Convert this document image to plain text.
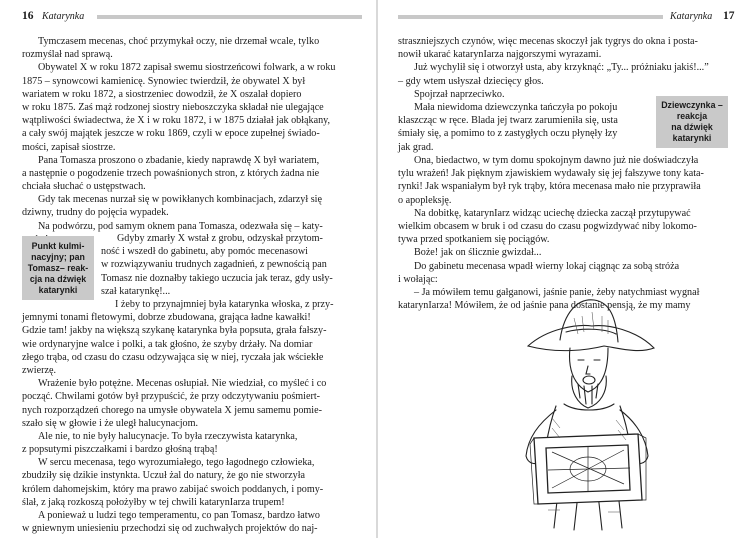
16 Katarynka

Tymczasem mecenas, choć przymykał oczy, nie drzemał wcale, tylko

rozmyślał nad sprawą.

Obywatel X w roku 1872 zapisał swemu siostrzeńcowi folwark, a w roku

1875 – synowcowi kamienicę. Synowiec twierdził, że obywatel X był

wariatem w roku 1872, a siostrzeniec dowodził, że X oszalał dopiero

w roku 1875. Zaś mąż rodzonej siostry nieboszczyka składał nie ulegające

wątpliwości świadectwa, że X i w roku 1872, i w 1875 działał jak obłąkany,

a cały swój majątek jeszcze w roku 1869, czyli w epoce zupełnej świado-

mości, zapisał siostrze.

Pana Tomasza proszono o zbadanie, kiedy naprawdę X był wariatem,

a następnie o pogodzenie trzech powaśnionych stron, z których żadna nie

chciała słuchać o ustępstwach.

Gdy tak mecenas nurzał się w powikłanych kombinacjach, zdarzył się

dziwny, trudny do pojęcia wypadek.

Na podwórzu, pod samym oknem pana Tomasza, odezwała się – katy-

Punkt kulmi-
nacyjny; pan
Tomasz– reak-
cja na dźwięk
katarynki

Gdyby zmarły X wstał z grobu, odzyskał przytom-

ność i wszedł do gabinetu, aby pomóc mecenasowi

w rozwiązywaniu trudnych zagadnień, z pewnością pan

Tomasz nie doznałby takiego uczucia jak teraz, gdy usły-

szał katarynkę!...

I żeby to przynajmniej była katarynka włoska, z przy-

jemnymi tonami fletowymi, dobrze zbudowana, grająca ładne kawałki!

Gdzie tam! jakby na większą szykanę katarynka była popsuta, grała fałszy-

wie ordynaryjne walce i polki, a tak głośno, że szyby drżały. Na domiar

złego trąba, od czasu do czasu odzywająca się w niej, ryczała jak wściekłe

zwierzę.

Wrażenie było potężne. Mecenas osłupiał. Nie wiedział, co myśleć i co

począć. Chwilami gotów był przypuścić, że przy odczytywaniu pośmiert-

nych rozporządzeń chorego na umysłe obywatela X jemu samemu pomie-

szało się w głowie i że uległ halucynacjom.

Ale nie, to nie były halucynacje. To była rzeczywista katarynka,

z popsutymi piszczałkami i bardzo głośną trąbą!

W sercu mecenasa, tego wyrozumiałego, tego łagodnego człowieka,

zbudziły się dzikie instynkta. Uczuł żal do natury, że go nie stworzyła

królem dahomejskim, który ma prawo zabijać swoich poddanych, i pomy-

ślał, z jaką rozkoszą położyłby w tej chwili katarynIarza trupem!

A ponieważ u ludzi tego temperamentu, co pan Tomasz, bardzo łatwo

w gniewnym uniesieniu przechodzi się od zuchwałych projektów do naj-

Katarynka 17

straszniejszych czynów, więc mecenas skoczył jak tygrys do okna i posta-

nowił ukarać katarynIarza najgorszymi wyrazami.

Już wychylił się i otworzył usta, aby krzyknąć: „Ty... próżniaku jakiś!...”

– gdy wtem usłyszał dziecięcy głos.

Spojrzał naprzeciwko.

Mała niewidoma dziewczynka tańczyła po pokoju

klaszcząc w ręce. Blada jej twarz zarumieniła się, usta

śmiały się, a pomimo to z zastygłych oczu płynęły łzy

jak grad.

Dziewczynka –
reakcja
na dźwięk
katarynki

Ona, biedactwo, w tym domu spokojnym dawno już nie doświadczyła

tylu wrażeń! Jak pięknym zjawiskiem wydawały się jej fałszywe tony kata-

rynki! Jak wspaniałym był ryk trąby, która mecenasa mało nie przyprawiła

o apopleksję.

Na dobitkę, katarynIarz widząc uciechę dziecka zaczął przytupywać

wielkim obcasem w bruk i od czasu do czasu pogwizdywać niby lokomo-

tywa przed spotkaniem się pociągów.

Boże! jak on ślicznie gwizdał...

Do gabinetu mecenasa wpadł wierny lokaj ciągnąc za sobą stróża

i wołając:

– Ja mówiłem temu gałganowi, jaśnie panie, żeby natychmiast wygnał

katarynIarza! Mówiłem, że od jaśnie pana dostanie pensją, że my mamy
